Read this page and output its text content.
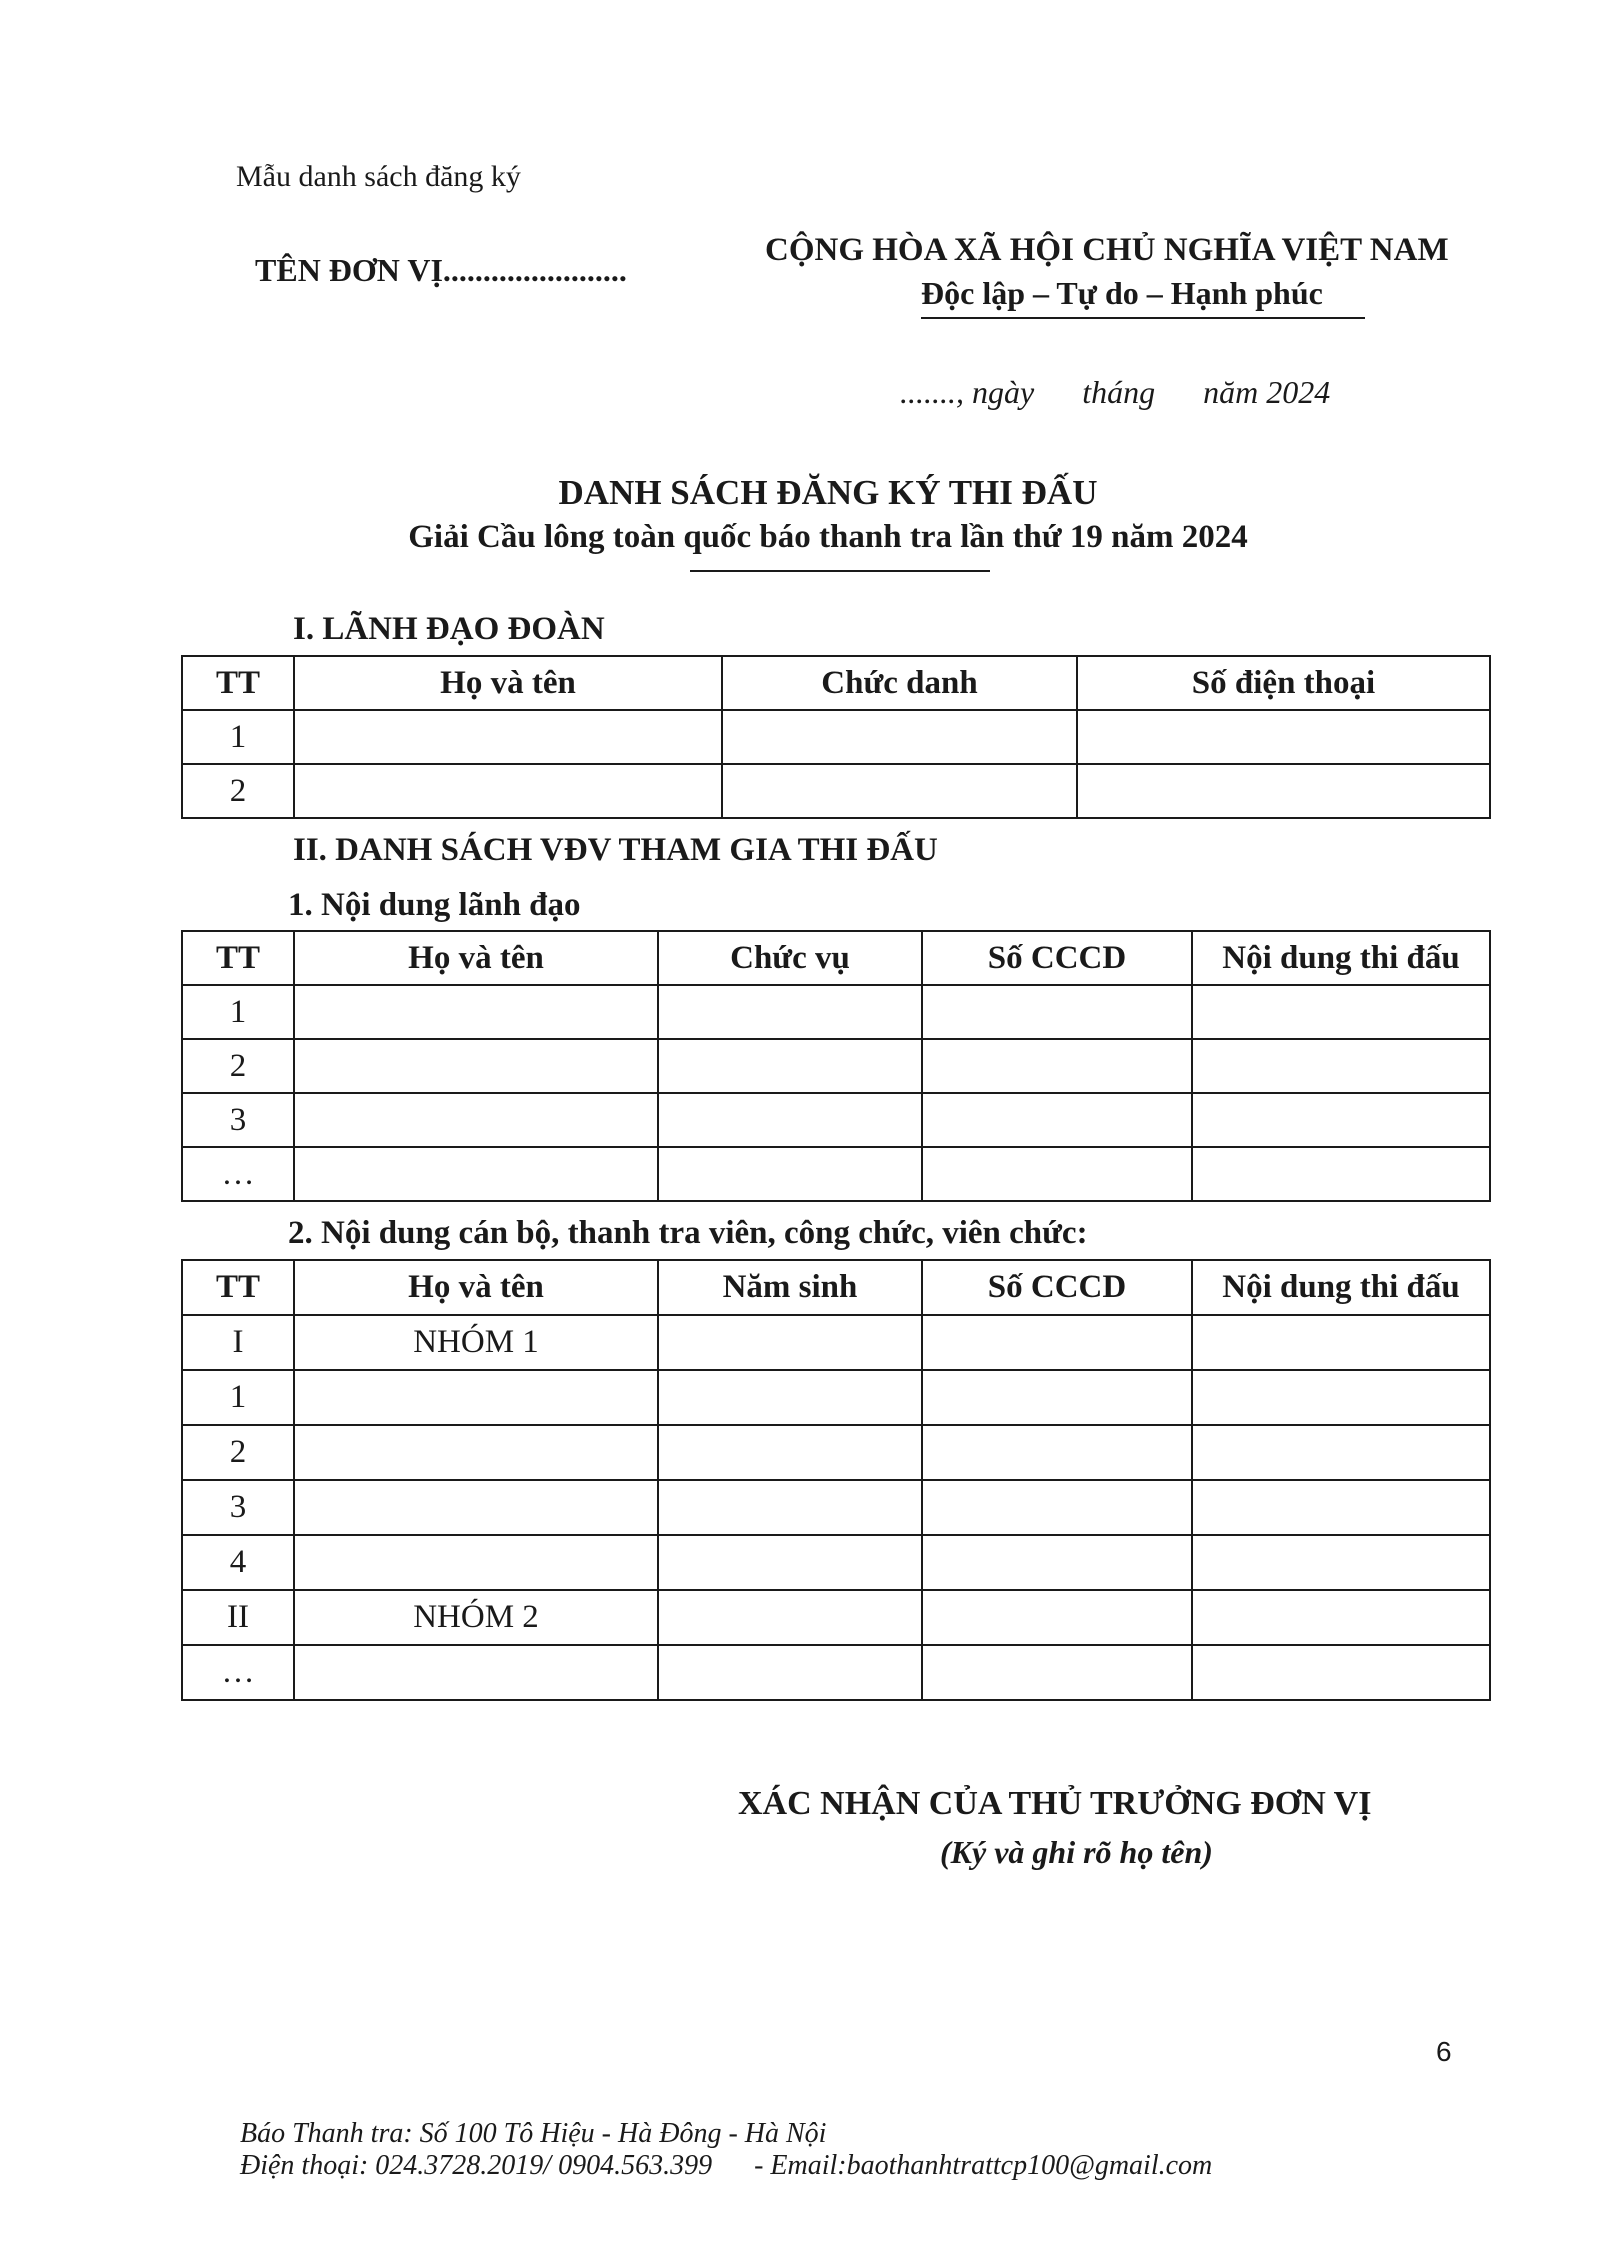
Mẫu danh sách đăng ký
TÊN ĐƠN VỊ.......................
CỘNG HÒA XÃ HỘI CHỦ NGHĨA VIỆT NAM
Độc lập – Tự do – Hạnh phúc
......., ngày      tháng      năm 2024
DANH SÁCH ĐĂNG KÝ THI ĐẤU
Giải Cầu lông toàn quốc báo thanh tra lần thứ 19 năm 2024
I. LÃNH ĐẠO ĐOÀN
TT	Họ và tên	Chức danh	Số điện thoại
1			
2			
II. DANH SÁCH VĐV THAM GIA THI ĐẤU
1. Nội dung lãnh đạo
TT	Họ và tên	Chức vụ	Số CCCD	Nội dung thi đấu
1				
2				
3				
…				
2. Nội dung cán bộ, thanh tra viên, công chức, viên chức:
TT	Họ và tên	Năm sinh	Số CCCD	Nội dung thi đấu
I	NHÓM 1			
1				
2				
3				
4				
II	NHÓM 2			
…				
XÁC NHẬN CỦA THỦ TRƯỞNG ĐƠN VỊ
(Ký và ghi rõ họ tên)
6
Báo Thanh tra: Số 100 Tô Hiệu - Hà Đông - Hà Nội
Điện thoại: 024.3728.2019/ 0904.563.399      - Email:baothanhtrattcp100@gmail.com
